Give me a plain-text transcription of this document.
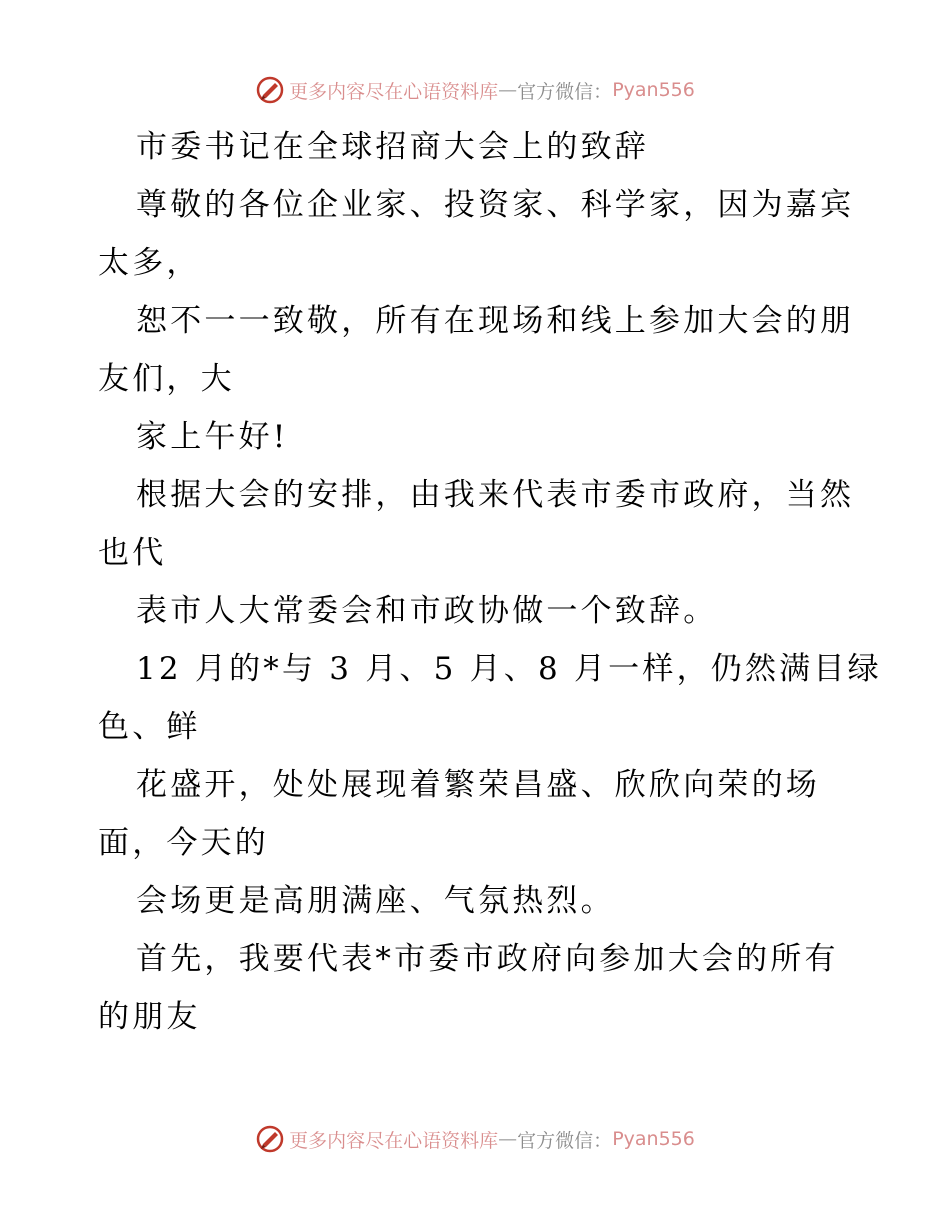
更多内容尽在心语资料库 — 官方微信： Pyan556
市委书记在全球招商大会上的致辞
尊敬的各位企业家、投资家、科学家，因为嘉宾
太多，
恕不一一致敬，所有在现场和线上参加大会的朋
友们，大
家上午好!
根据大会的安排，由我来代表市委市政府，当然
也代
表市人大常委会和市政协做一个致辞。
12 月的*与 3 月、5 月、8 月一样，仍然满目绿
色、鲜
花盛开，处处展现着繁荣昌盛、欣欣向荣的场
面，今天的
会场更是高朋满座、气氛热烈。
首先，我要代表*市委市政府向参加大会的所有
的朋友
更多内容尽在心语资料库 — 官方微信： Pyan556
